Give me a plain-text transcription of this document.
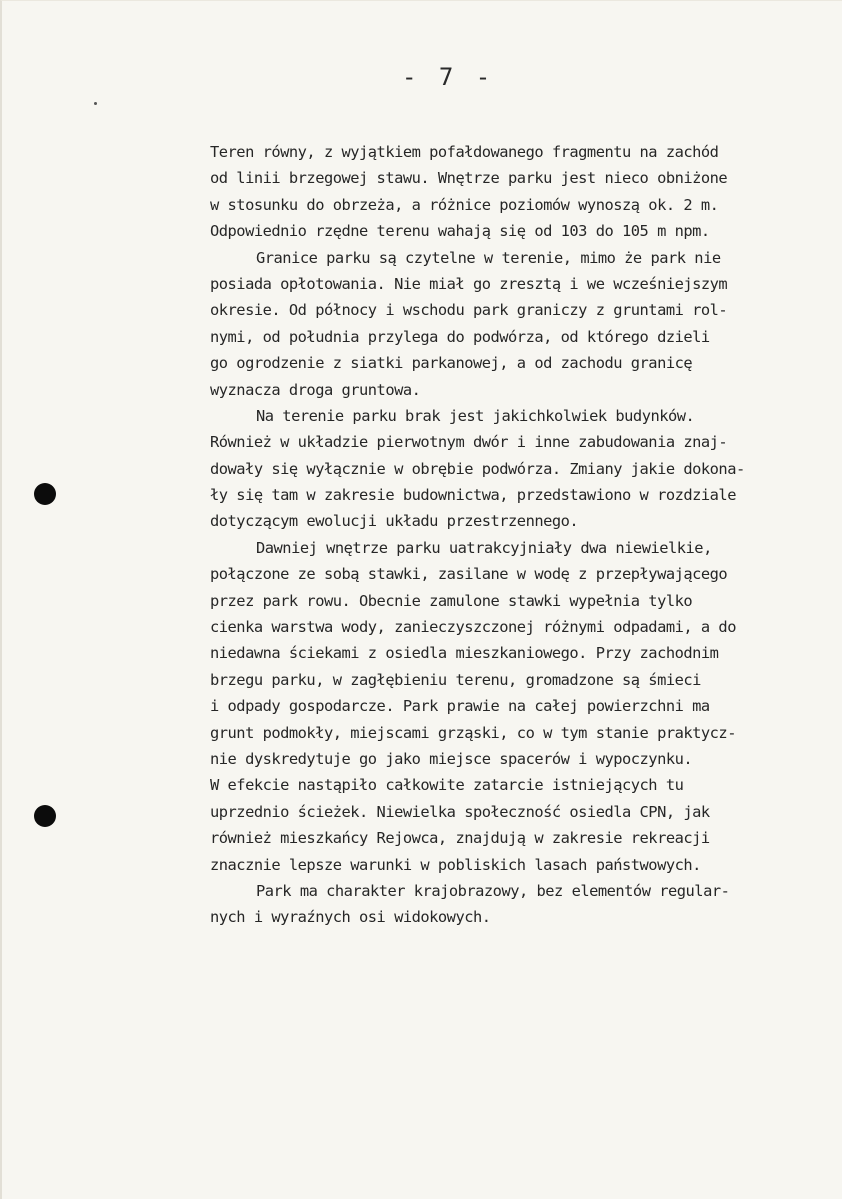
- 7 -
Teren równy, z wyjątkiem pofałdowanego fragmentu na zachód
od linii brzegowej stawu. Wnętrze parku jest nieco obniżone
w stosunku do obrzeża, a różnice poziomów wynoszą ok. 2 m.
Odpowiednio rzędne terenu wahają się od 103 do 105 m npm.
Granice parku są czytelne w terenie, mimo że park nie
posiada opłotowania. Nie miał go zresztą i we wcześniejszym
okresie. Od północy i wschodu park graniczy z gruntami rol-
nymi, od południa przylega do podwórza, od którego dzieli
go ogrodzenie z siatki parkanowej, a od zachodu granicę
wyznacza droga gruntowa.
Na terenie parku brak jest jakichkolwiek budynków.
Również w układzie pierwotnym dwór i inne zabudowania znaj-
dowały się wyłącznie w obrębie podwórza. Zmiany jakie dokona-
ły się tam w zakresie budownictwa, przedstawiono w rozdziale
dotyczącym ewolucji układu przestrzennego.
Dawniej wnętrze parku uatrakcyjniały dwa niewielkie,
połączone ze sobą stawki, zasilane w wodę z przepływającego
przez park rowu. Obecnie zamulone stawki wypełnia tylko
cienka warstwa wody, zanieczyszczonej różnymi odpadami, a do
niedawna ściekami z osiedla mieszkaniowego. Przy zachodnim
brzegu parku, w zagłębieniu terenu, gromadzone są śmieci
i odpady gospodarcze. Park prawie na całej powierzchni ma
grunt podmokły, miejscami grząski, co w tym stanie praktycz-
nie dyskredytuje go jako miejsce spacerów i wypoczynku.
W efekcie nastąpiło całkowite zatarcie istniejących tu
uprzednio ścieżek. Niewielka społeczność osiedla CPN, jak
również mieszkańcy Rejowca, znajdują w zakresie rekreacji
znacznie lepsze warunki w pobliskich lasach państwowych.
Park ma charakter krajobrazowy, bez elementów regular-
nych i wyraźnych osi widokowych.
